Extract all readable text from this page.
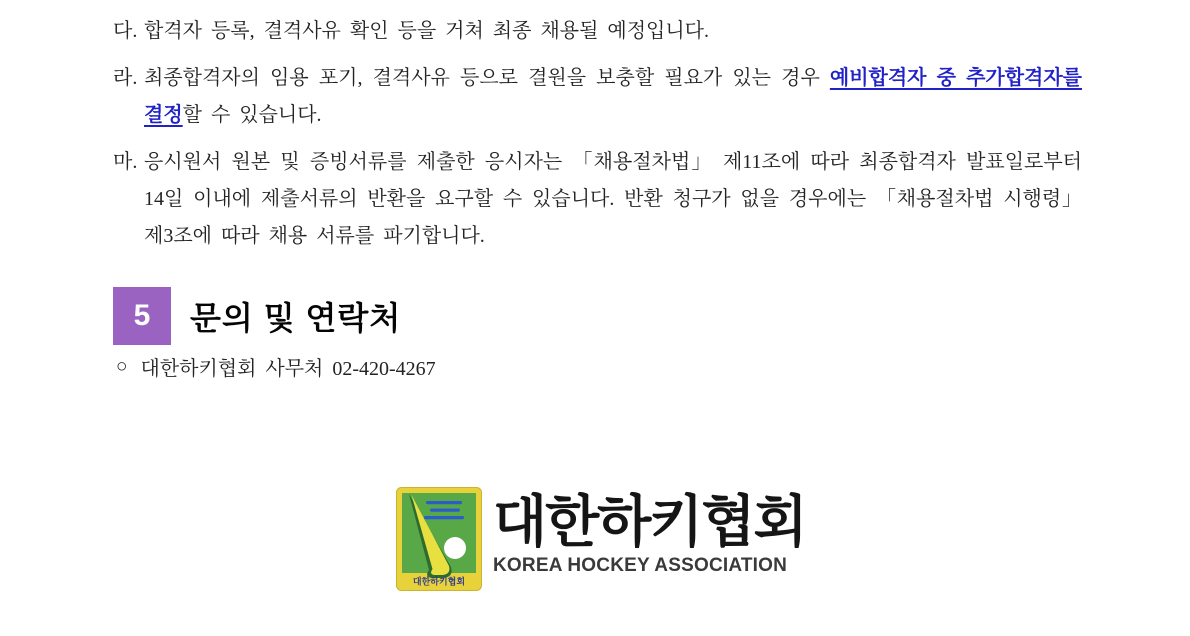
다. 합격자 등록, 결격사유 확인 등을 거쳐 최종 채용될 예정입니다.
라. 최종합격자의 임용 포기, 결격사유 등으로 결원을 보충할 필요가 있는 경우 예비합격자 중 추가합격자를 결정할 수 있습니다.
마. 응시원서 원본 및 증빙서류를 제출한 응시자는 「채용절차법」 제11조에 따라 최종합격자 발표일로부터 14일 이내에 제출서류의 반환을 요구할 수 있습니다. 반환 청구가 없을 경우에는 「채용절차법 시행령」 제3조에 따라 채용 서류를 파기합니다.
5	문의 및 연락처
○ 대한하키협회 사무처 02-420-4267
대한하키협회
대한하키협회
KOREA HOCKEY ASSOCIATION
